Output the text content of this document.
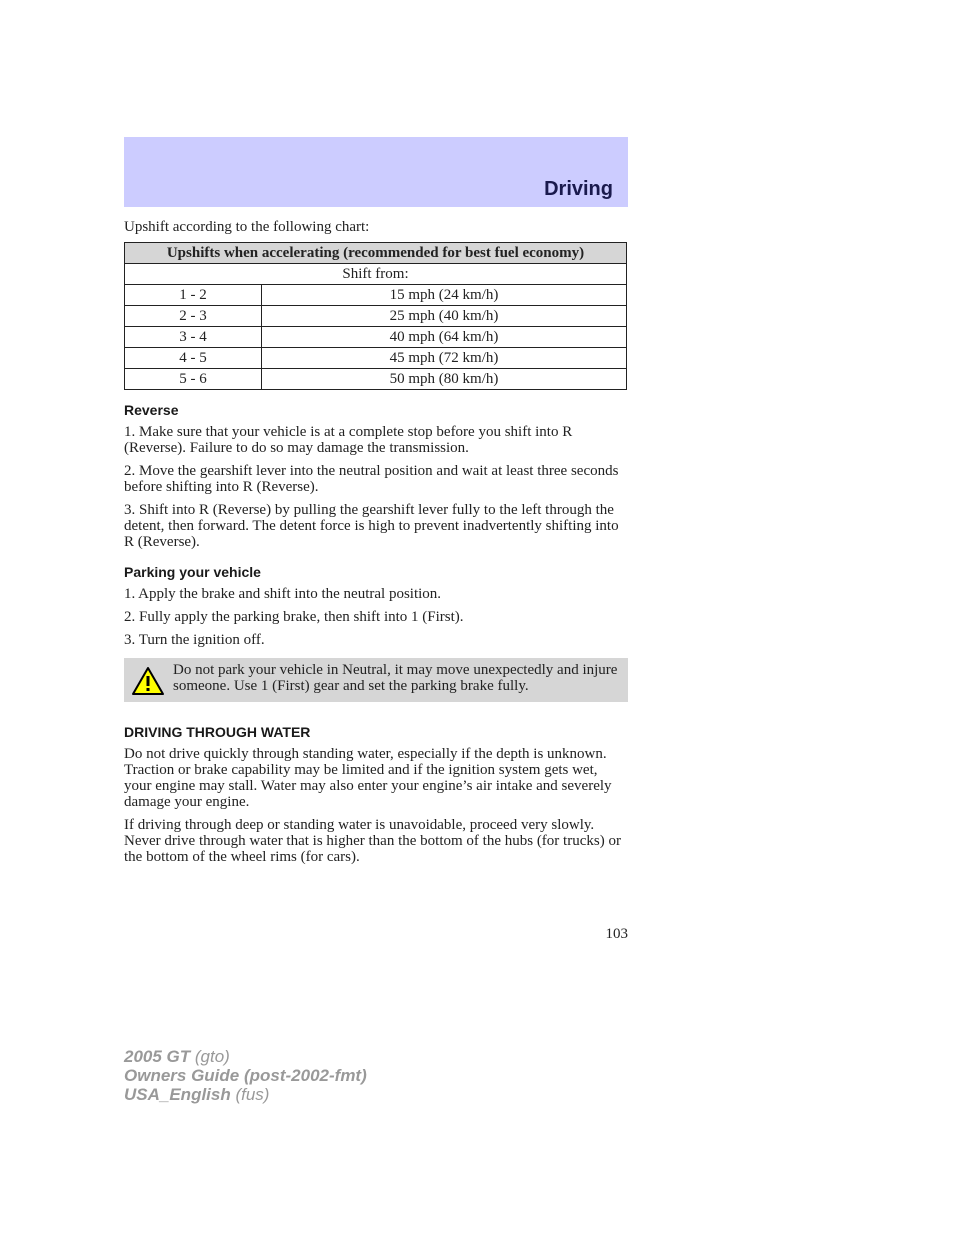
Driving

Upshift according to the following chart:

Upshifts when accelerating (recommended for best fuel economy)	
Shift from:	
1 - 2	15 mph (24 km/h)
2 - 3	25 mph (40 km/h)
3 - 4	40 mph (64 km/h)
4 - 5	45 mph (72 km/h)
5 - 6	50 mph (80 km/h)
Reverse

1. Make sure that your vehicle is at a complete stop before you shift into R (Reverse). Failure to do so may damage the transmission.

2. Move the gearshift lever into the neutral position and wait at least three seconds before shifting into R (Reverse).

3. Shift into R (Reverse) by pulling the gearshift lever fully to the left through the detent, then forward. The detent force is high to prevent inadvertently shifting into R (Reverse).

Parking your vehicle

1. Apply the brake and shift into the neutral position.

2. Fully apply the parking brake, then shift into 1 (First).

3. Turn the ignition off.

Do not park your vehicle in Neutral, it may move unexpectedly and injure someone. Use 1 (First) gear and set the parking brake fully.
DRIVING THROUGH WATER

Do not drive quickly through standing water, especially if the depth is unknown. Traction or brake capability may be limited and if the ignition system gets wet, your engine may stall. Water may also enter your engine’s air intake and severely damage your engine.

If driving through deep or standing water is unavoidable, proceed very slowly. Never drive through water that is higher than the bottom of the hubs (for trucks) or the bottom of the wheel rims (for cars).

103
2005 GT (gto)
Owners Guide (post-2002-fmt)
USA_English (fus)
